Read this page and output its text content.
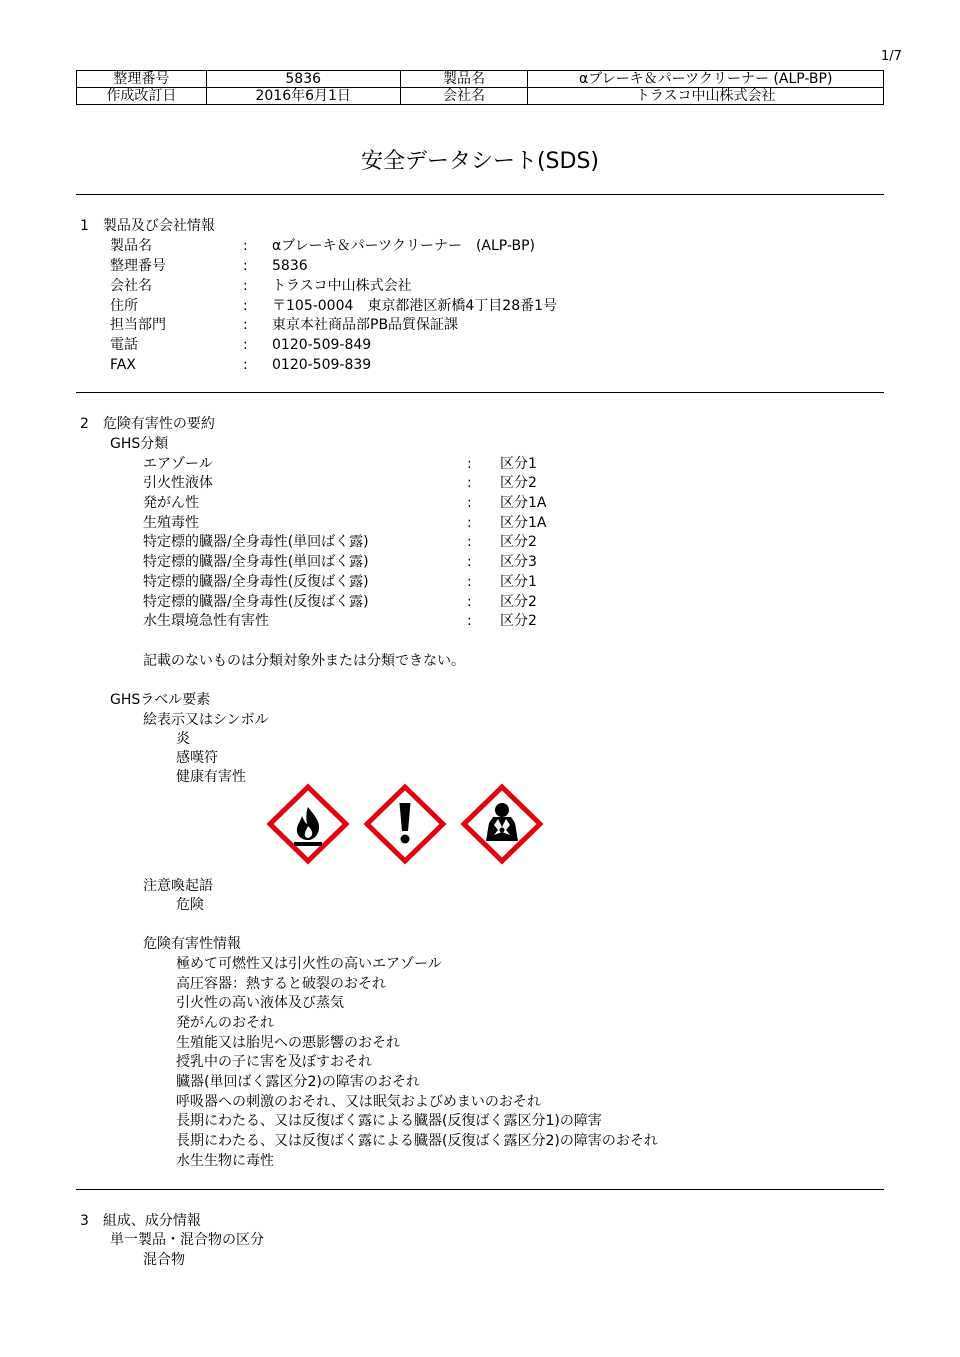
1/7
整理番号	5836	製品名	αブレーキ＆パーツクリーナー (ALP-BP)
作成改訂日	2016年6月1日	会社名	トラスコ中山株式会社
安全データシート(SDS)
1　製品及び会社情報
製品名	:	αブレーキ＆パーツクリーナー　(ALP-BP)
整理番号	:	5836
会社名	:	トラスコ中山株式会社
住所	:	〒105-0004　東京都港区新橋4丁目28番1号
担当部門	:	東京本社商品部PB品質保証課
電話	:	0120-509-849
FAX	:	0120-509-839
2　危険有害性の要約
GHS分類
エアゾール	:	区分1
引火性液体	:	区分2
発がん性	:	区分1A
生殖毒性	:	区分1A
特定標的臓器/全身毒性(単回ばく露)	:	区分2
特定標的臓器/全身毒性(単回ばく露)	:	区分3
特定標的臓器/全身毒性(反復ばく露)	:	区分1
特定標的臓器/全身毒性(反復ばく露)	:	区分2
水生環境急性有害性	:	区分2
記載のないものは分類対象外または分類できない。
GHSラベル要素
絵表示又はシンボル
炎
感嘆符
健康有害性
注意喚起語
危険
危険有害性情報
極めて可燃性又は引火性の高いエアゾール
高圧容器：熱すると破裂のおそれ
引火性の高い液体及び蒸気
発がんのおそれ
生殖能又は胎児への悪影響のおそれ
授乳中の子に害を及ぼすおそれ
臓器(単回ばく露区分2)の障害のおそれ
呼吸器への刺激のおそれ、又は眠気およびめまいのおそれ
長期にわたる、又は反復ばく露による臓器(反復ばく露区分1)の障害
長期にわたる、又は反復ばく露による臓器(反復ばく露区分2)の障害のおそれ
水生生物に毒性
3　組成、成分情報
単一製品・混合物の区分
混合物
